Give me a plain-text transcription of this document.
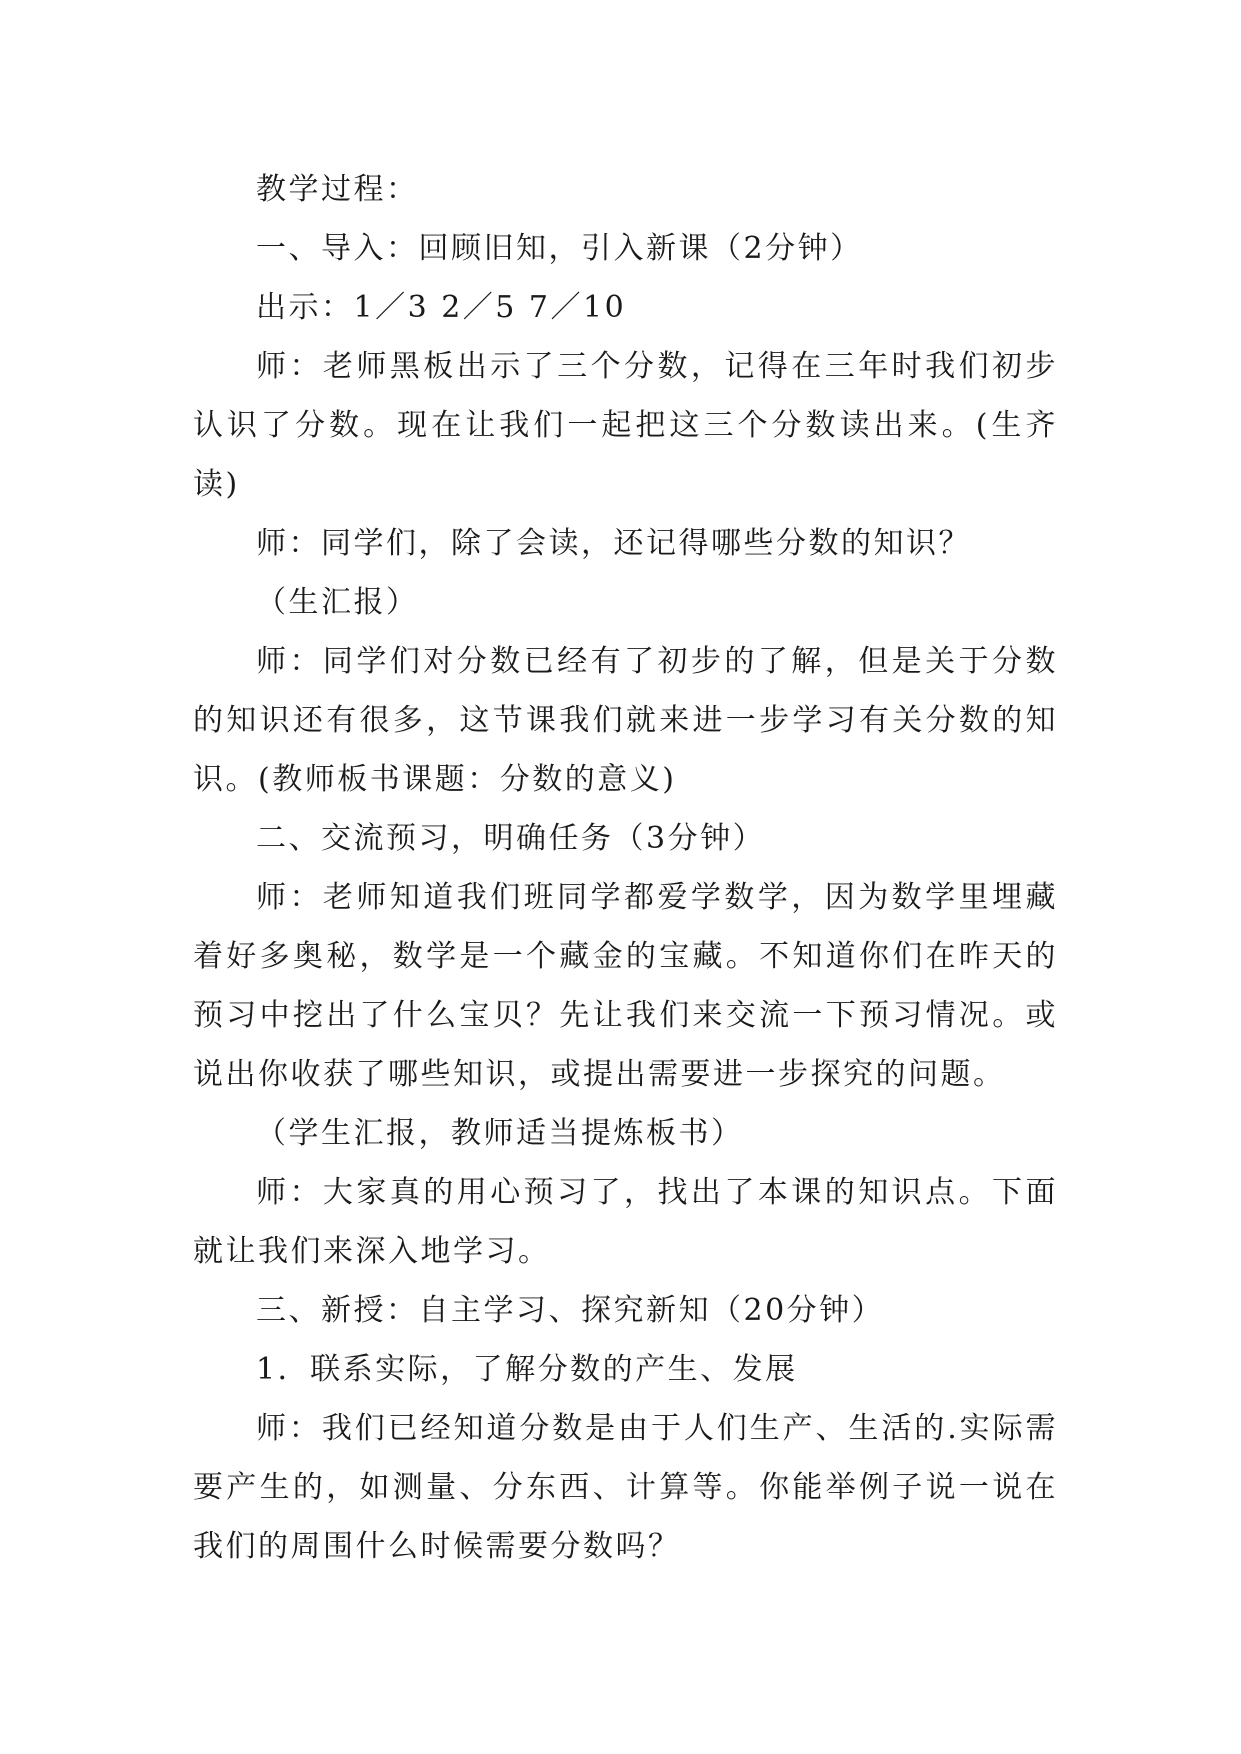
教学过程：

一、导入：回顾旧知，引入新课（2分钟）

出示：1／3 2／5 7／10

师：老师黑板出示了三个分数，记得在三年时我们初步认识了分数。现在让我们一起把这三个分数读出来。(生齐读)

师：同学们，除了会读，还记得哪些分数的知识？

（生汇报）

师：同学们对分数已经有了初步的了解，但是关于分数的知识还有很多，这节课我们就来进一步学习有关分数的知识。(教师板书课题：分数的意义)

二、交流预习，明确任务（3分钟）

师：老师知道我们班同学都爱学数学，因为数学里埋藏着好多奥秘，数学是一个藏金的宝藏。不知道你们在昨天的预习中挖出了什么宝贝？先让我们来交流一下预习情况。或说出你收获了哪些知识，或提出需要进一步探究的问题。

（学生汇报，教师适当提炼板书）

师：大家真的用心预习了，找出了本课的知识点。下面就让我们来深入地学习。

三、新授：自主学习、探究新知（20分钟）

1．联系实际，了解分数的产生、发展

师：我们已经知道分数是由于人们生产、生活的.实际需要产生的，如测量、分东西、计算等。你能举例子说一说在我们的周围什么时候需要分数吗？
